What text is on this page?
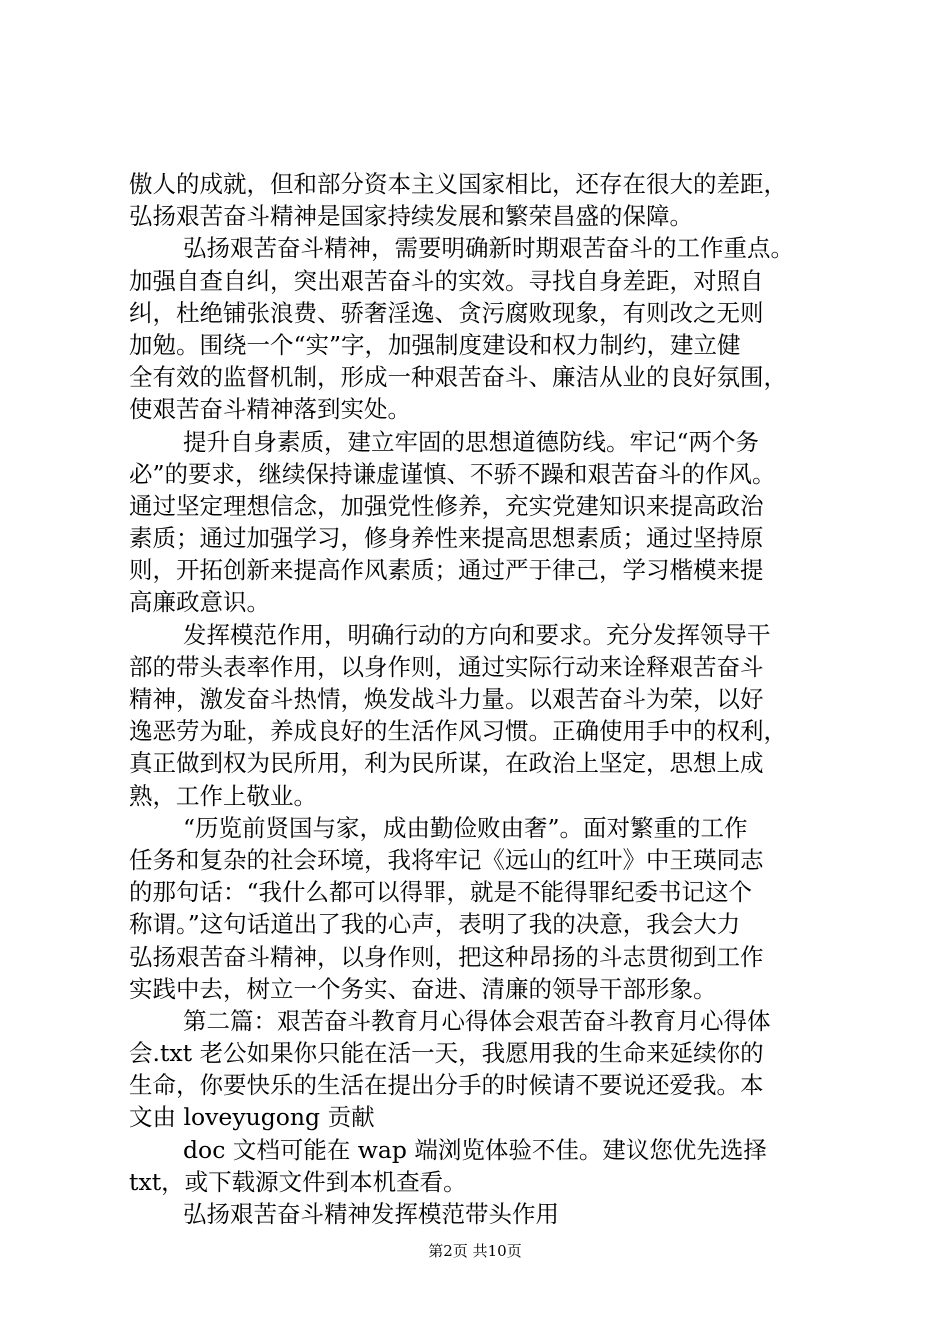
傲人的成就，但和部分资本主义国家相比，还存在很大的差距，
弘扬艰苦奋斗精神是国家持续发展和繁荣昌盛的保障。
弘扬艰苦奋斗精神，需要明确新时期艰苦奋斗的工作重点。
加强自查自纠，突出艰苦奋斗的实效。寻找自身差距，对照自
纠，杜绝铺张浪费、骄奢淫逸、贪污腐败现象，有则改之无则
加勉。围绕一个“实”字，加强制度建设和权力制约，建立健
全有效的监督机制，形成一种艰苦奋斗、廉洁从业的良好氛围，
使艰苦奋斗精神落到实处。
提升自身素质，建立牢固的思想道德防线。牢记“两个务
必”的要求，继续保持谦虚谨慎、不骄不躁和艰苦奋斗的作风。
通过坚定理想信念，加强党性修养，充实党建知识来提高政治
素质；通过加强学习，修身养性来提高思想素质；通过坚持原
则，开拓创新来提高作风素质；通过严于律己，学习楷模来提
高廉政意识。
发挥模范作用，明确行动的方向和要求。充分发挥领导干
部的带头表率作用，以身作则，通过实际行动来诠释艰苦奋斗
精神，激发奋斗热情，焕发战斗力量。以艰苦奋斗为荣，以好
逸恶劳为耻，养成良好的生活作风习惯。正确使用手中的权利，
真正做到权为民所用，利为民所谋，在政治上坚定，思想上成
熟，工作上敬业。
“历览前贤国与家，成由勤俭败由奢”。面对繁重的工作
任务和复杂的社会环境，我将牢记《远山的红叶》中王瑛同志
的那句话：“我什么都可以得罪，就是不能得罪纪委书记这个
称谓。”这句话道出了我的心声，表明了我的决意，我会大力
弘扬艰苦奋斗精神，以身作则，把这种昂扬的斗志贯彻到工作
实践中去，树立一个务实、奋进、清廉的领导干部形象。
第二篇：艰苦奋斗教育月心得体会艰苦奋斗教育月心得体
会.txt 老公如果你只能在活一天，我愿用我的生命来延续你的
生命，你要快乐的生活在提出分手的时候请不要说还爱我。本
文由 loveyugong 贡献
doc 文档可能在 wap 端浏览体验不佳。建议您优先选择
txt，或下载源文件到本机查看。
弘扬艰苦奋斗精神发挥模范带头作用
第2页 共10页
